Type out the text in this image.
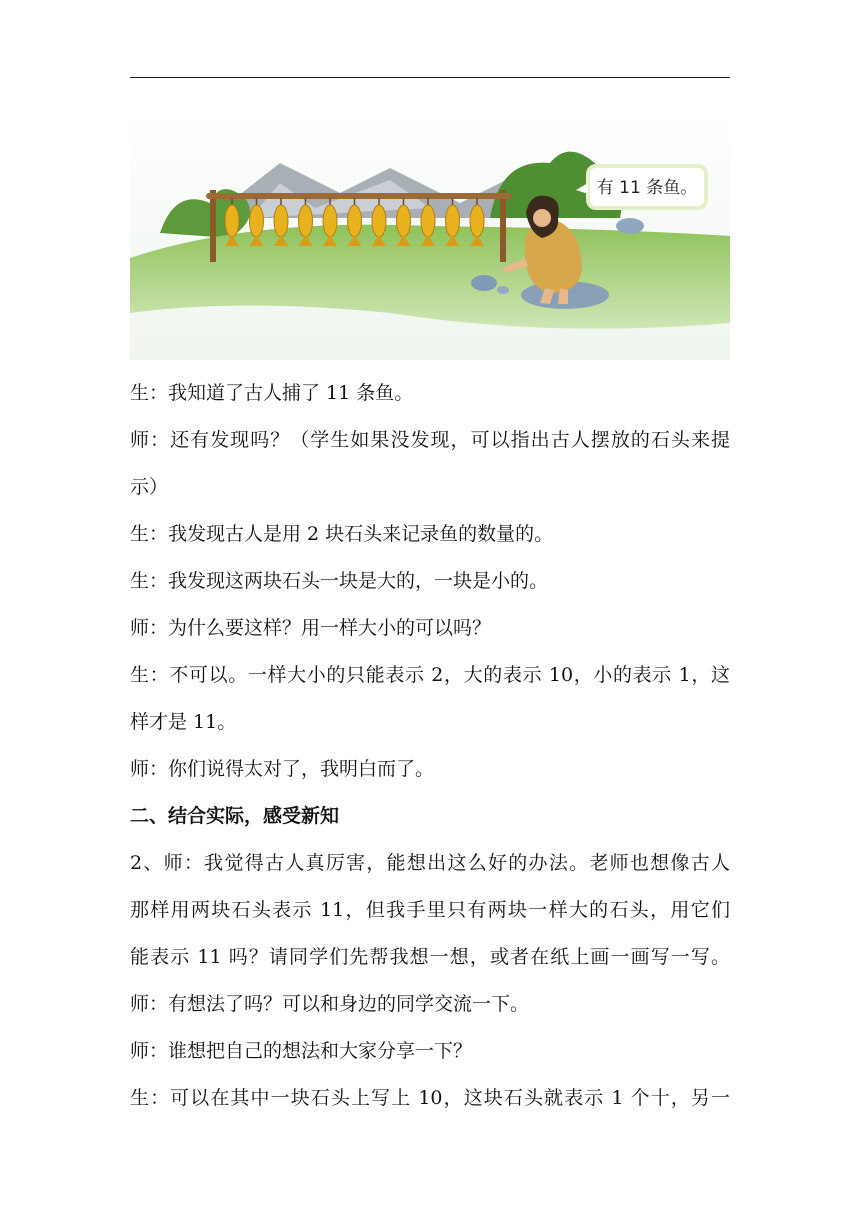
有 11 条鱼。

生：我知道了古人捕了 11 条鱼。

师：还有发现吗？（学生如果没发现，可以指出古人摆放的石头来提

示）

生：我发现古人是用 2 块石头来记录鱼的数量的。

生：我发现这两块石头一块是大的，一块是小的。

师：为什么要这样？用一样大小的可以吗？

生：不可以。一样大小的只能表示 2，大的表示 10，小的表示 1，这

样才是 11。

师：你们说得太对了，我明白而了。

二、结合实际，感受新知

2、师：我觉得古人真厉害，能想出这么好的办法。老师也想像古人

那样用两块石头表示 11，但我手里只有两块一样大的石头，用它们

能表示 11 吗？请同学们先帮我想一想，或者在纸上画一画写一写。

师：有想法了吗？可以和身边的同学交流一下。

师：谁想把自己的想法和大家分享一下？

生：可以在其中一块石头上写上 10，这块石头就表示 1 个十，另一
